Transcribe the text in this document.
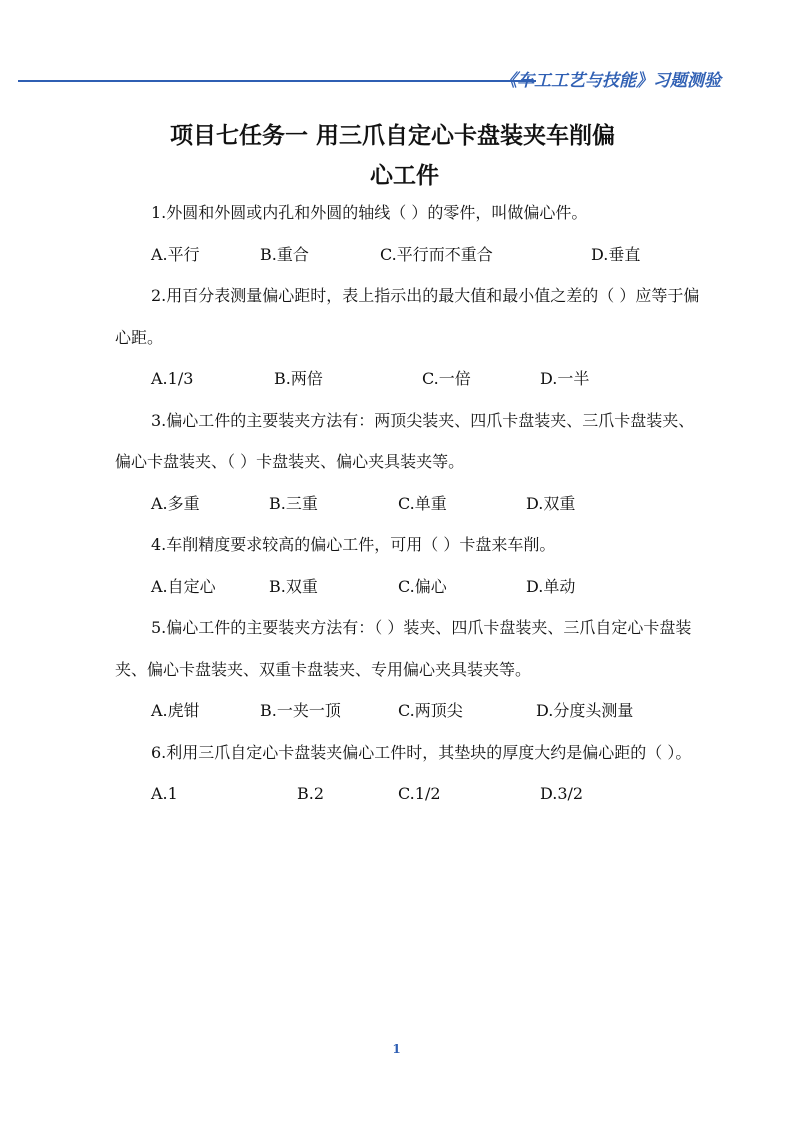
《车工工艺与技能》习题测验
项目七任务一 用三爪自定心卡盘装夹车削偏
心工件

1.外圆和外圆或内孔和外圆的轴线（ ）的零件，叫做偏心件。

A.平行	B.重合	C.平行而不重合	D.垂直

2.用百分表测量偏心距时，表上指示出的最大值和最小值之差的（ ）应等于偏心距。

A.1/3	B.两倍	C.一倍	D.一半

3.偏心工件的主要装夹方法有：两顶尖装夹、四爪卡盘装夹、三爪卡盘装夹、偏心卡盘装夹、（ ）卡盘装夹、偏心夹具装夹等。

A.多重	B.三重	C.单重	D.双重

4.车削精度要求较高的偏心工件，可用（ ）卡盘来车削。

A.自定心	B.双重	C.偏心	D.单动

5.偏心工件的主要装夹方法有：（ ）装夹、四爪卡盘装夹、三爪自定心卡盘装夹、偏心卡盘装夹、双重卡盘装夹、专用偏心夹具装夹等。

A.虎钳	B.一夹一顶	C.两顶尖	D.分度头测量

6.利用三爪自定心卡盘装夹偏心工件时，其垫块的厚度大约是偏心距的（ ）。

A.1	B.2	C.1/2	D.3/2
1
